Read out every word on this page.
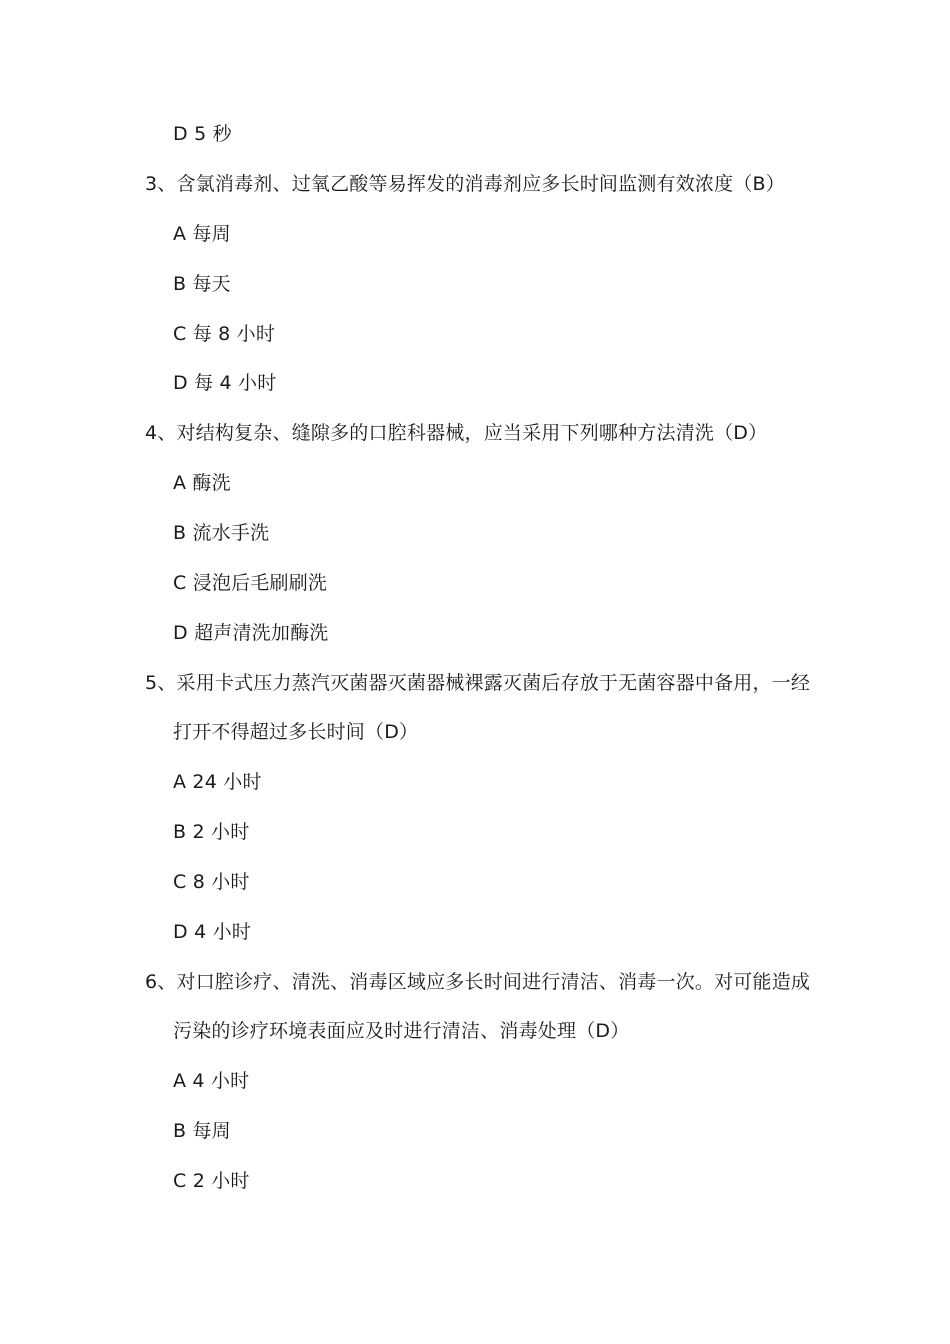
D 5 秒
3、含氯消毒剂、过氧乙酸等易挥发的消毒剂应多长时间监测有效浓度（B）
A 每周
B 每天
C 每 8 小时
D 每 4 小时
4、对结构复杂、缝隙多的口腔科器械，应当采用下列哪种方法清洗（D）
A 酶洗
B 流水手洗
C 浸泡后毛刷刷洗
D 超声清洗加酶洗
5、采用卡式压力蒸汽灭菌器灭菌器械裸露灭菌后存放于无菌容器中备用，一经
打开不得超过多长时间（D）
A 24 小时
B 2 小时
C 8 小时
D 4 小时
6、对口腔诊疗、清洗、消毒区域应多长时间进行清洁、消毒一次。对可能造成
污染的诊疗环境表面应及时进行清洁、消毒处理（D）
A 4 小时
B 每周
C 2 小时
